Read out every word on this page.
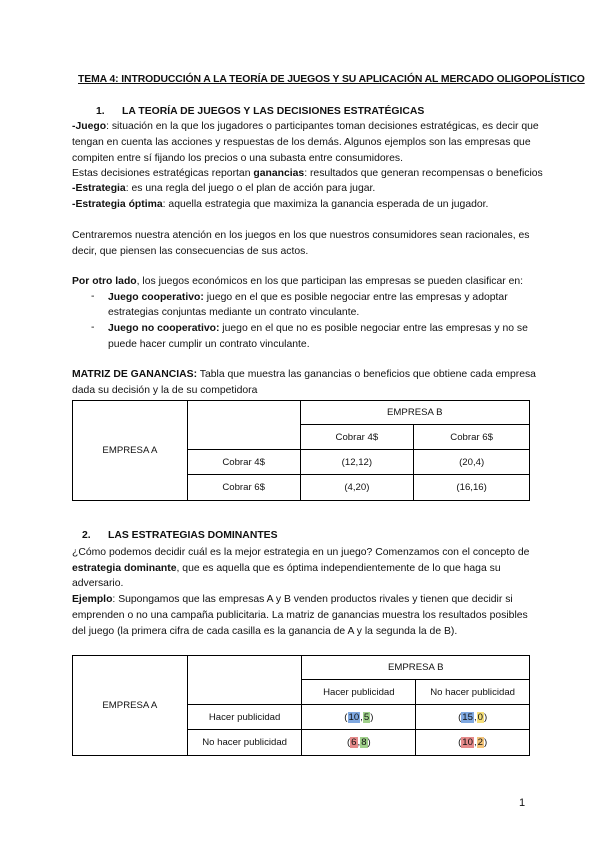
TEMA 4: INTRODUCCIÓN A LA TEORÍA DE JUEGOS Y SU APLICACIÓN AL MERCADO OLIGOPOLÍSTICO
1. LA TEORÍA DE JUEGOS Y LAS DECISIONES ESTRATÉGICAS
-Juego: situación en la que los jugadores o participantes toman decisiones estratégicas, es decir que
tengan en cuenta las acciones y respuestas de los demás. Algunos ejemplos son las empresas que
compiten entre sí fijando los precios o una subasta entre consumidores.
Estas decisiones estratégicas reportan ganancias: resultados que generan recompensas o beneficios
-Estrategia: es una regla del juego o el plan de acción para jugar.
-Estrategia óptima: aquella estrategia que maximiza la ganancia esperada de un jugador.
Centraremos nuestra atención en los juegos en los que nuestros consumidores sean racionales, es
decir, que piensen las consecuencias de sus actos.
Por otro lado, los juegos económicos en los que participan las empresas se pueden clasificar en:
- Juego cooperativo: juego en el que es posible negociar entre las empresas y adoptar
estrategias conjuntas mediante un contrato vinculante.
- Juego no cooperativo: juego en el que no es posible negociar entre las empresas y no se
puede hacer cumplir un contrato vinculante.
MATRIZ DE GANANCIAS: Tabla que muestra las ganancias o beneficios que obtiene cada empresa
dada su decisión y la de su competidora
EMPRESA A		EMPRESA B	
		Cobrar 4$	Cobrar 6$
	Cobrar 4$	(12,12)	(20,4)
	Cobrar 6$	(4,20)	(16,16)
2. LAS ESTRATEGIAS DOMINANTES
¿Cómo podemos decidir cuál es la mejor estrategia en un juego? Comenzamos con el concepto de
estrategia dominante, que es aquella que es óptima independientemente de lo que haga su
adversario.
Ejemplo: Supongamos que las empresas A y B venden productos rivales y tienen que decidir si
emprenden o no una campaña publicitaria. La matriz de ganancias muestra los resultados posibles
del juego (la primera cifra de cada casilla es la ganancia de A y la segunda la de B).
EMPRESA A		EMPRESA B	
		Hacer publicidad	No hacer publicidad
	Hacer publicidad	(10,5)	(15,0)
	No hacer publicidad	(6,8)	(10,2)
1
